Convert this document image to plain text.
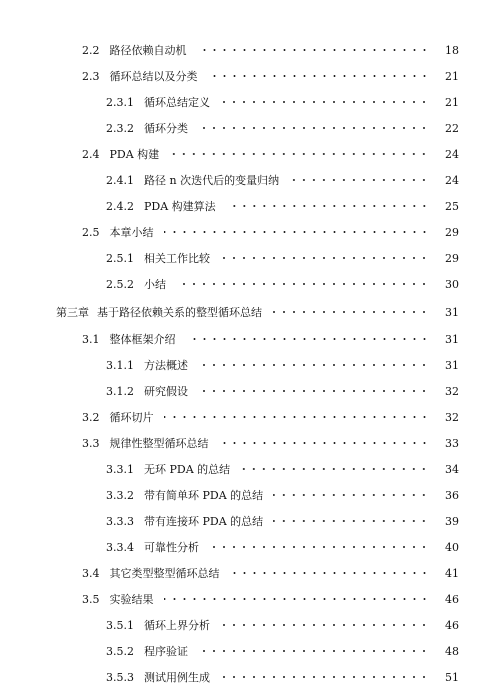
2.2 路径依赖自动机	18
2.3 循环总结以及分类	21
2.3.1 循环总结定义	21
2.3.2 循环分类	22
2.4 PDA 构建	24
2.4.1 路径 n 次迭代后的变量归纳	24
2.4.2 PDA 构建算法	25
2.5 本章小结	29
2.5.1 相关工作比较	29
2.5.2 小结	30
第三章 基于路径依赖关系的整型循环总结	31
3.1 整体框架介绍	31
3.1.1 方法概述	31
3.1.2 研究假设	32
3.2 循环切片	32
3.3 规律性整型循环总结	33
3.3.1 无环 PDA 的总结	34
3.3.2 带有简单环 PDA 的总结	36
3.3.3 带有连接环 PDA 的总结	39
3.3.4 可靠性分析	40
3.4 其它类型整型循环总结	41
3.5 实验结果	46
3.5.1 循环上界分析	46
3.5.2 程序验证	48
3.5.3 测试用例生成	51
